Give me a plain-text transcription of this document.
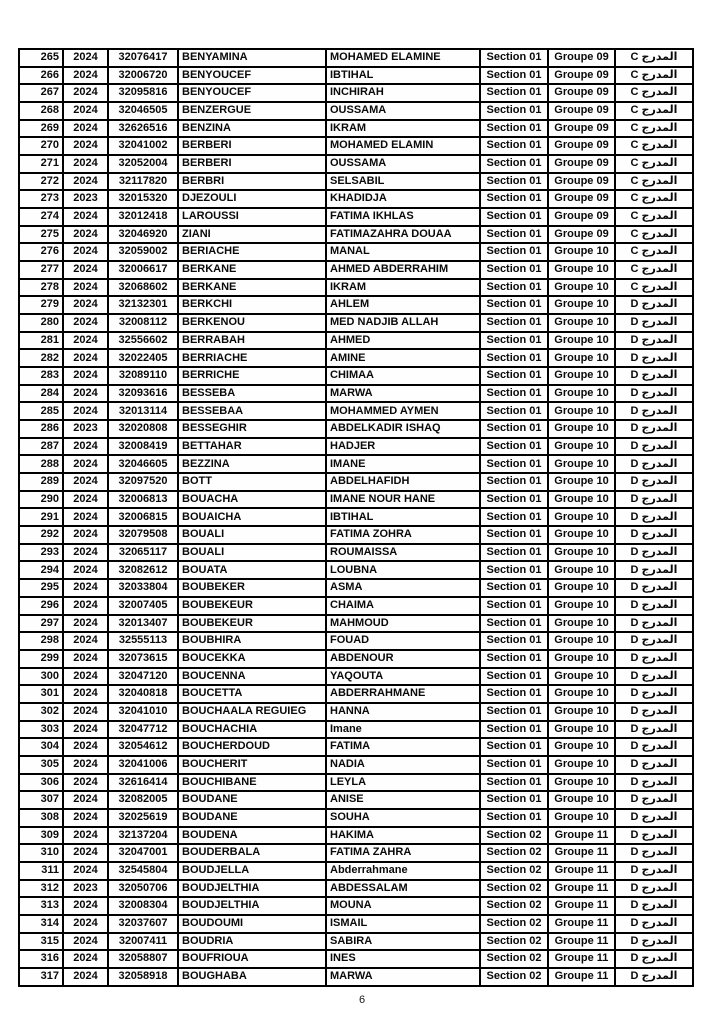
265	2024	32076417	BENYAMINA	MOHAMED ELAMINE	Section 01	Groupe 09	المدرج C
266	2024	32006720	BENYOUCEF	IBTIHAL	Section 01	Groupe 09	المدرج C
267	2024	32095816	BENYOUCEF	INCHIRAH	Section 01	Groupe 09	المدرج C
268	2024	32046505	BENZERGUE	OUSSAMA	Section 01	Groupe 09	المدرج C
269	2024	32626516	BENZINA	IKRAM	Section 01	Groupe 09	المدرج C
270	2024	32041002	BERBERI	MOHAMED ELAMIN	Section 01	Groupe 09	المدرج C
271	2024	32052004	BERBERI	OUSSAMA	Section 01	Groupe 09	المدرج C
272	2024	32117820	BERBRI	SELSABIL	Section 01	Groupe 09	المدرج C
273	2023	32015320	DJEZOULI	KHADIDJA	Section 01	Groupe 09	المدرج C
274	2024	32012418	LAROUSSI	FATIMA IKHLAS	Section 01	Groupe 09	المدرج C
275	2024	32046920	ZIANI	FATIMAZAHRA DOUAA	Section 01	Groupe 09	المدرج C
276	2024	32059002	BERIACHE	MANAL	Section 01	Groupe 10	المدرج C
277	2024	32006617	BERKANE	AHMED ABDERRAHIM	Section 01	Groupe 10	المدرج C
278	2024	32068602	BERKANE	IKRAM	Section 01	Groupe 10	المدرج C
279	2024	32132301	BERKCHI	AHLEM	Section 01	Groupe 10	المدرج D
280	2024	32008112	BERKENOU	MED NADJIB ALLAH	Section 01	Groupe 10	المدرج D
281	2024	32556602	BERRABAH	AHMED	Section 01	Groupe 10	المدرج D
282	2024	32022405	BERRIACHE	AMINE	Section 01	Groupe 10	المدرج D
283	2024	32089110	BERRICHE	CHIMAA	Section 01	Groupe 10	المدرج D
284	2024	32093616	BESSEBA	MARWA	Section 01	Groupe 10	المدرج D
285	2024	32013114	BESSEBAA	MOHAMMED AYMEN	Section 01	Groupe 10	المدرج D
286	2023	32020808	BESSEGHIR	ABDELKADIR ISHAQ	Section 01	Groupe 10	المدرج D
287	2024	32008419	BETTAHAR	HADJER	Section 01	Groupe 10	المدرج D
288	2024	32046605	BEZZINA	IMANE	Section 01	Groupe 10	المدرج D
289	2024	32097520	BOTT	ABDELHAFIDH	Section 01	Groupe 10	المدرج D
290	2024	32006813	BOUACHA	IMANE NOUR HANE	Section 01	Groupe 10	المدرج D
291	2024	32006815	BOUAICHA	IBTIHAL	Section 01	Groupe 10	المدرج D
292	2024	32079508	BOUALI	FATIMA ZOHRA	Section 01	Groupe 10	المدرج D
293	2024	32065117	BOUALI	ROUMAISSA	Section 01	Groupe 10	المدرج D
294	2024	32082612	BOUATA	LOUBNA	Section 01	Groupe 10	المدرج D
295	2024	32033804	BOUBEKER	ASMA	Section 01	Groupe 10	المدرج D
296	2024	32007405	BOUBEKEUR	CHAIMA	Section 01	Groupe 10	المدرج D
297	2024	32013407	BOUBEKEUR	MAHMOUD	Section 01	Groupe 10	المدرج D
298	2024	32555113	BOUBHIRA	FOUAD	Section 01	Groupe 10	المدرج D
299	2024	32073615	BOUCEKKA	ABDENOUR	Section 01	Groupe 10	المدرج D
300	2024	32047120	BOUCENNA	YAQOUTA	Section 01	Groupe 10	المدرج D
301	2024	32040818	BOUCETTA	ABDERRAHMANE	Section 01	Groupe 10	المدرج D
302	2024	32041010	BOUCHAALA REGUIEG	HANNA	Section 01	Groupe 10	المدرج D
303	2024	32047712	BOUCHACHIA	Imane	Section 01	Groupe 10	المدرج D
304	2024	32054612	BOUCHERDOUD	FATIMA	Section 01	Groupe 10	المدرج D
305	2024	32041006	BOUCHERIT	NADIA	Section 01	Groupe 10	المدرج D
306	2024	32616414	BOUCHIBANE	LEYLA	Section 01	Groupe 10	المدرج D
307	2024	32082005	BOUDANE	ANISE	Section 01	Groupe 10	المدرج D
308	2024	32025619	BOUDANE	SOUHA	Section 01	Groupe 10	المدرج D
309	2024	32137204	BOUDENA	HAKIMA	Section 02	Groupe 11	المدرج D
310	2024	32047001	BOUDERBALA	FATIMA ZAHRA	Section 02	Groupe 11	المدرج D
311	2024	32545804	BOUDJELLA	Abderrahmane	Section 02	Groupe 11	المدرج D
312	2023	32050706	BOUDJELTHIA	ABDESSALAM	Section 02	Groupe 11	المدرج D
313	2024	32008304	BOUDJELTHIA	MOUNA	Section 02	Groupe 11	المدرج D
314	2024	32037607	BOUDOUMI	ISMAIL	Section 02	Groupe 11	المدرج D
315	2024	32007411	BOUDRIA	SABIRA	Section 02	Groupe 11	المدرج D
316	2024	32058807	BOUFRIOUA	INES	Section 02	Groupe 11	المدرج D
317	2024	32058918	BOUGHABA	MARWA	Section 02	Groupe 11	المدرج D
6
